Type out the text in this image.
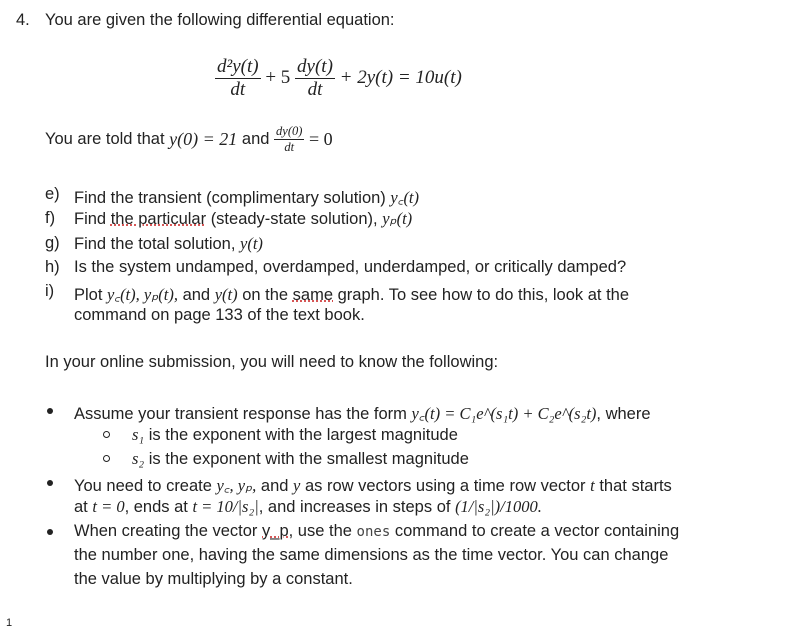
4. You are given the following differential equation:
$\frac{\text{d²y(t)}}{dt} + 5 \frac{dy(t)}{dt} + 2y(t) = 10u(t)$
You are told that y(0) = 21 and $\frac{dy(0)}{dt} = 0$
e) Find the transient (complimentary solution) y꜀(t)
f) Find the particular (steady-state solution), yₚ(t)
g) Find the total solution, y(t)
h) Is the system undamped, overdamped, underdamped, or critically damped?
i) Plot y꜀(t), yₚ(t), and y(t) on the same graph. To see how to do this, look at the
command on page 133 of the text book.
In your online submission, you will need to know the following:
Assume your transient response has the form y꜀(t) = C₁e^(s₁t) + C₂e^(s₂t), where
s₁ is the exponent with the largest magnitude
s₂ is the exponent with the smallest magnitude
You need to create y꜀, yₚ, and y as row vectors using a time row vector t that starts
at t = 0, ends at t = 10/|s₂|, and increases in steps of (1/|s₂|)/1000.
When creating the vector y_p, use the ones command to create a vector containing
the number one, having the same dimensions as the time vector. You can change
the value by multiplying by a constant.
1
